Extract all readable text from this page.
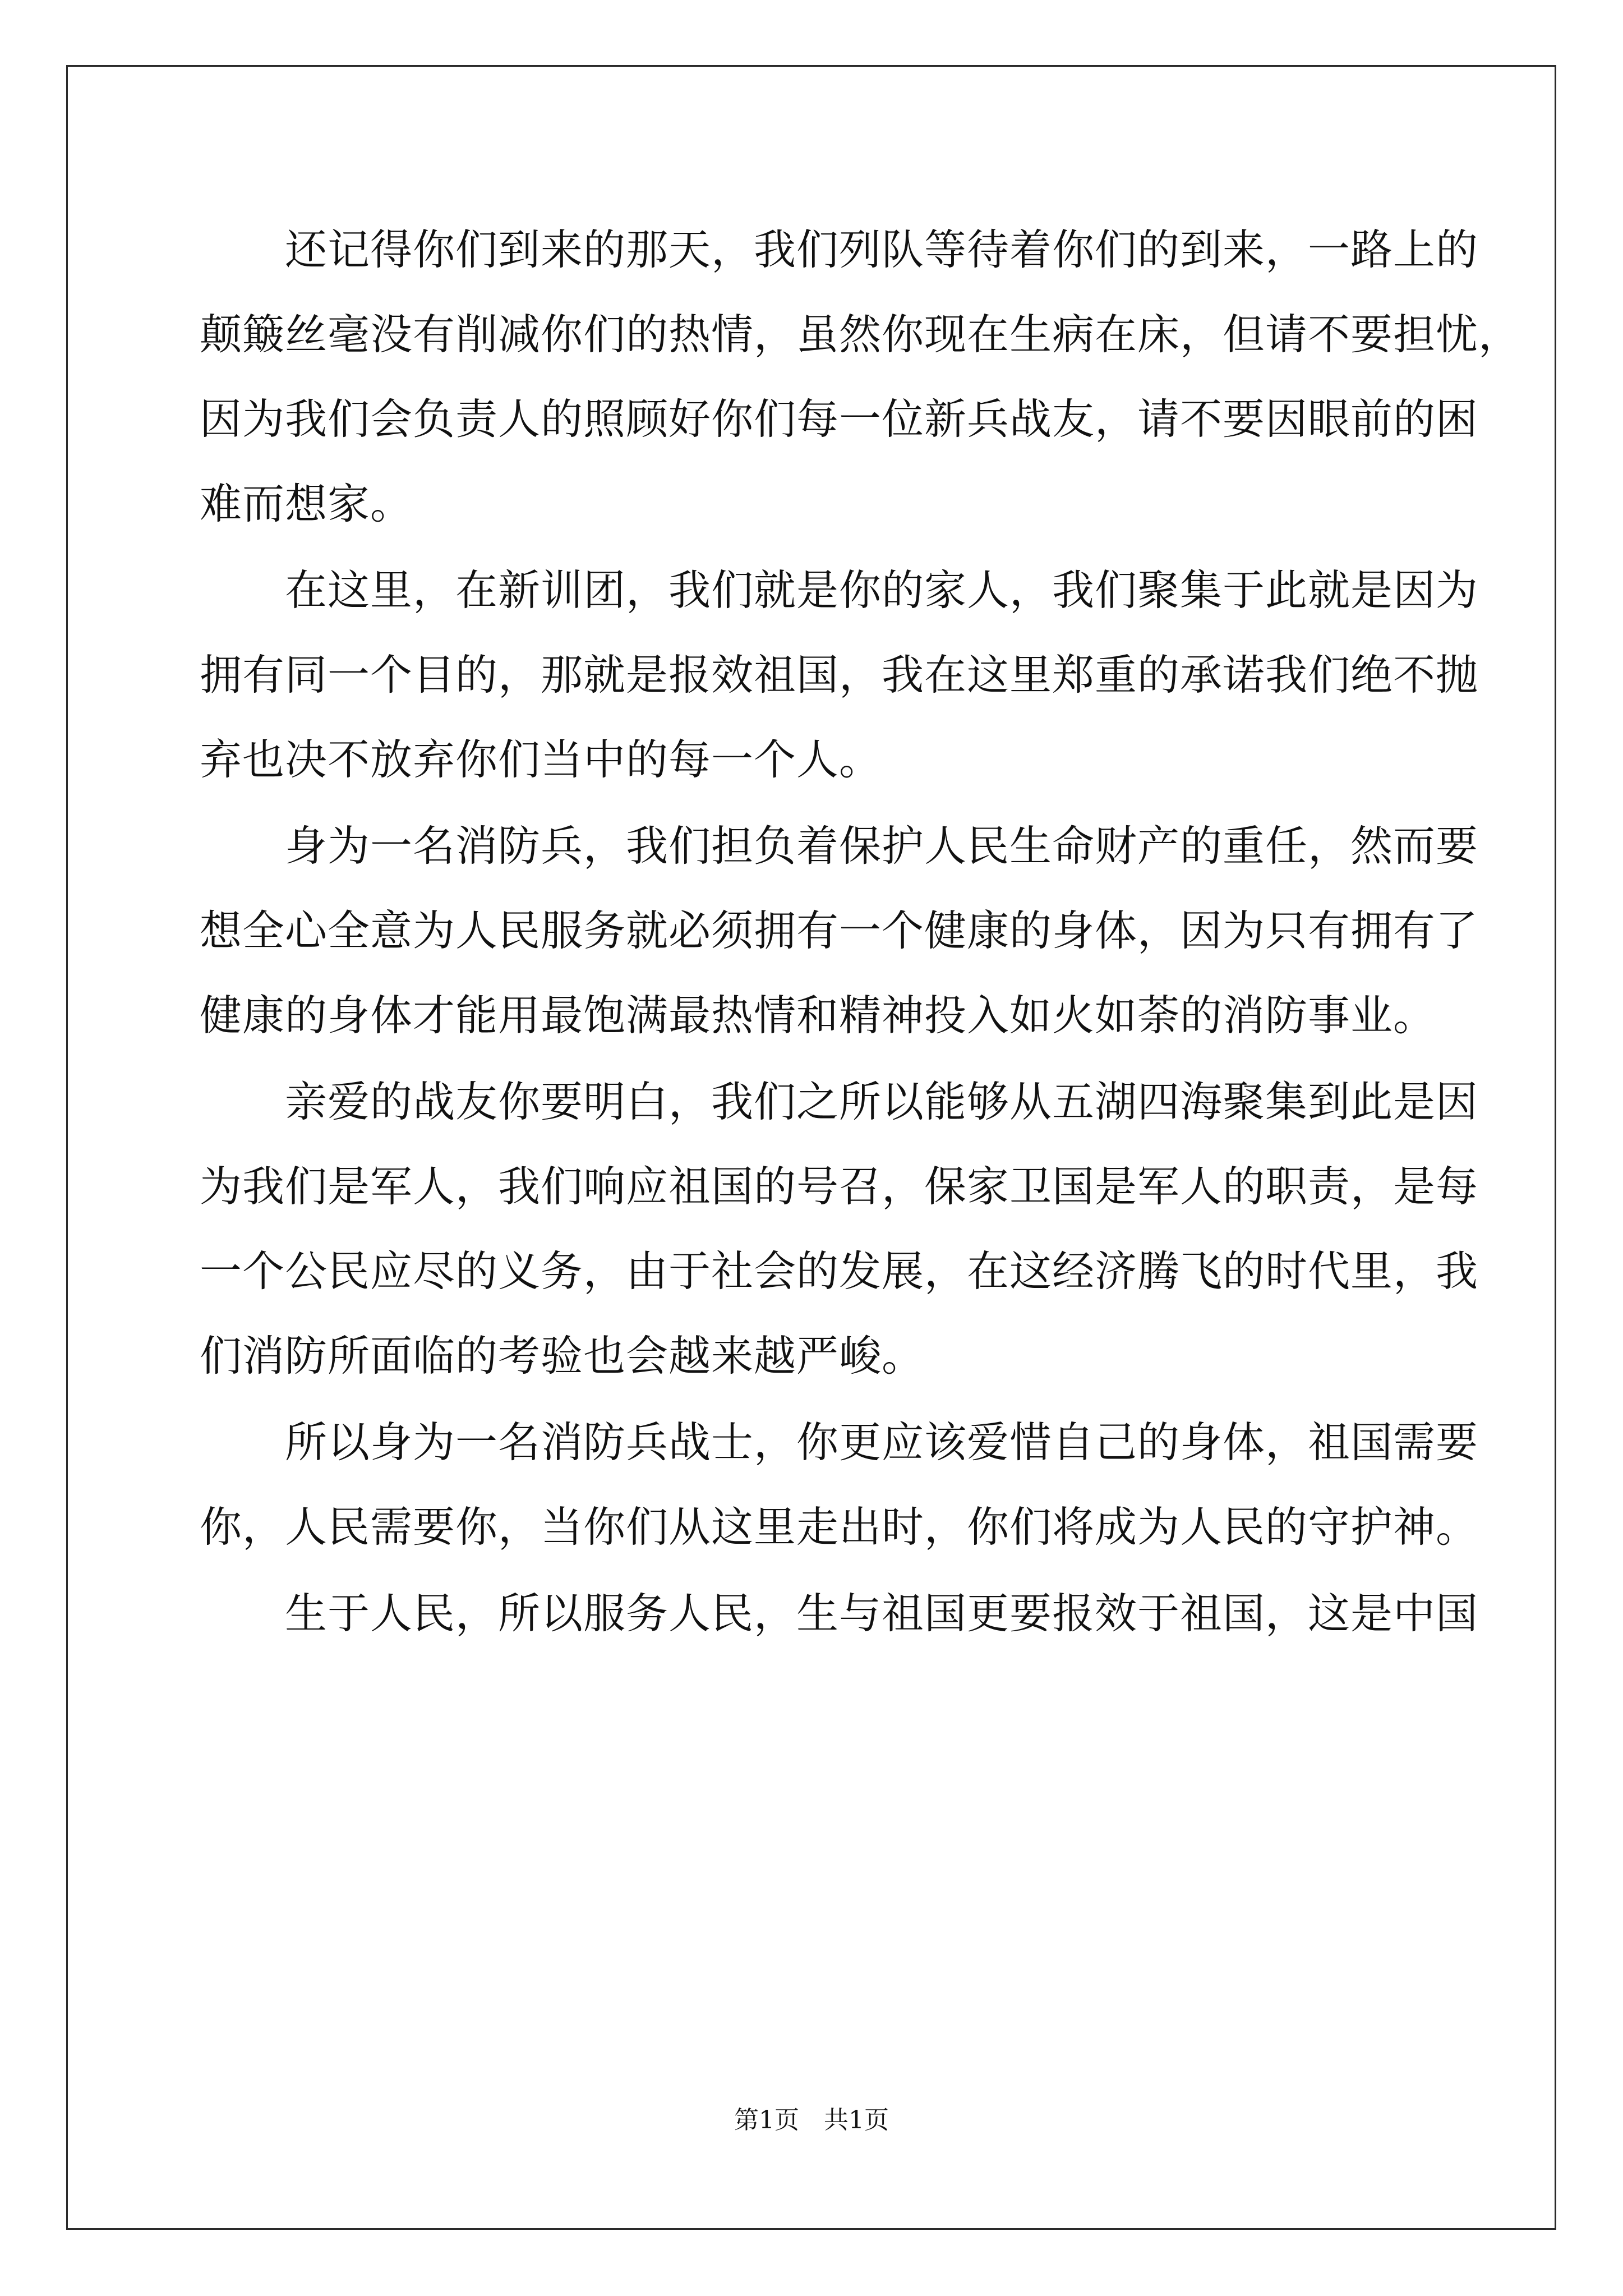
　　还记得你们到来的那天，我们列队等待着你们的到来，一路上的
颠簸丝毫没有削减你们的热情，虽然你现在生病在床，但请不要担忧，
因为我们会负责人的照顾好你们每一位新兵战友，请不要因眼前的困
难而想家。
　　在这里，在新训团，我们就是你的家人，我们聚集于此就是因为
拥有同一个目的，那就是报效祖国，我在这里郑重的承诺我们绝不抛
弃也决不放弃你们当中的每一个人。
　　身为一名消防兵，我们担负着保护人民生命财产的重任，然而要
想全心全意为人民服务就必须拥有一个健康的身体，因为只有拥有了
健康的身体才能用最饱满最热情和精神投入如火如荼的消防事业。
　　亲爱的战友你要明白，我们之所以能够从五湖四海聚集到此是因
为我们是军人，我们响应祖国的号召，保家卫国是军人的职责，是每
一个公民应尽的义务，由于社会的发展，在这经济腾飞的时代里，我
们消防所面临的考验也会越来越严峻。
　　所以身为一名消防兵战士，你更应该爱惜自己的身体，祖国需要
你，人民需要你，当你们从这里走出时，你们将成为人民的守护神。
　　生于人民，所以服务人民，生与祖国更要报效于祖国，这是中国
第1页　共1页
